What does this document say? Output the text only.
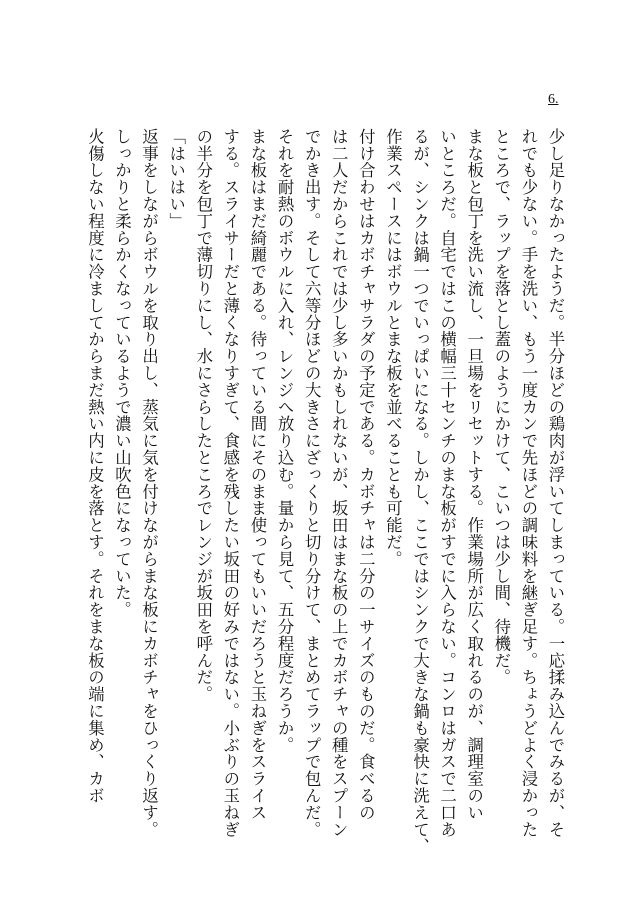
6.
少し足りなかったようだ。半分ほどの鶏肉が浮いてしまっている。一応揉み込んでみるが、そ
れでも少ない。手を洗い、もう一度カンで先ほどの調味料を継ぎ足す。ちょうどよく浸かった
ところで、ラップを落とし蓋のようにかけて、こいつは少し間、待機だ。
まな板と包丁を洗い流し、一旦場をリセットする。作業場所が広く取れるのが、調理室のい
いところだ。自宅ではこの横幅三十センチのまな板がすでに入らない。コンロはガスで二口あ
るが、シンクは鍋一つでいっぱいになる。しかし、ここではシンクで大きな鍋も豪快に洗えて、
作業スペースにはボウルとまな板を並べることも可能だ。
付け合わせはカボチャサラダの予定である。カボチャは二分の一サイズのものだ。食べるの
は二人だからこれでは少し多いかもしれないが、坂田はまな板の上でカボチャの種をスプーン
でかき出す。そして六等分ほどの大きさにざっくりと切り分けて、まとめてラップで包んだ。
それを耐熱のボウルに入れ、レンジへ放り込む。量から見て、五分程度だろうか。
まな板はまだ綺麗である。待っている間にそのまま使ってもいいだろうと玉ねぎをスライス
する。スライサーだと薄くなりすぎて、食感を残したい坂田の好みではない。小ぶりの玉ねぎ
の半分を包丁で薄切りにし、水にさらしたところでレンジが坂田を呼んだ。
「はいはい」
返事をしながらボウルを取り出し、蒸気に気を付けながらまな板にカボチャをひっくり返す。
しっかりと柔らかくなっているようで濃い山吹色になっていた。
火傷しない程度に冷ましてからまだ熱い内に皮を落とす。それをまな板の端に集め、カボ
